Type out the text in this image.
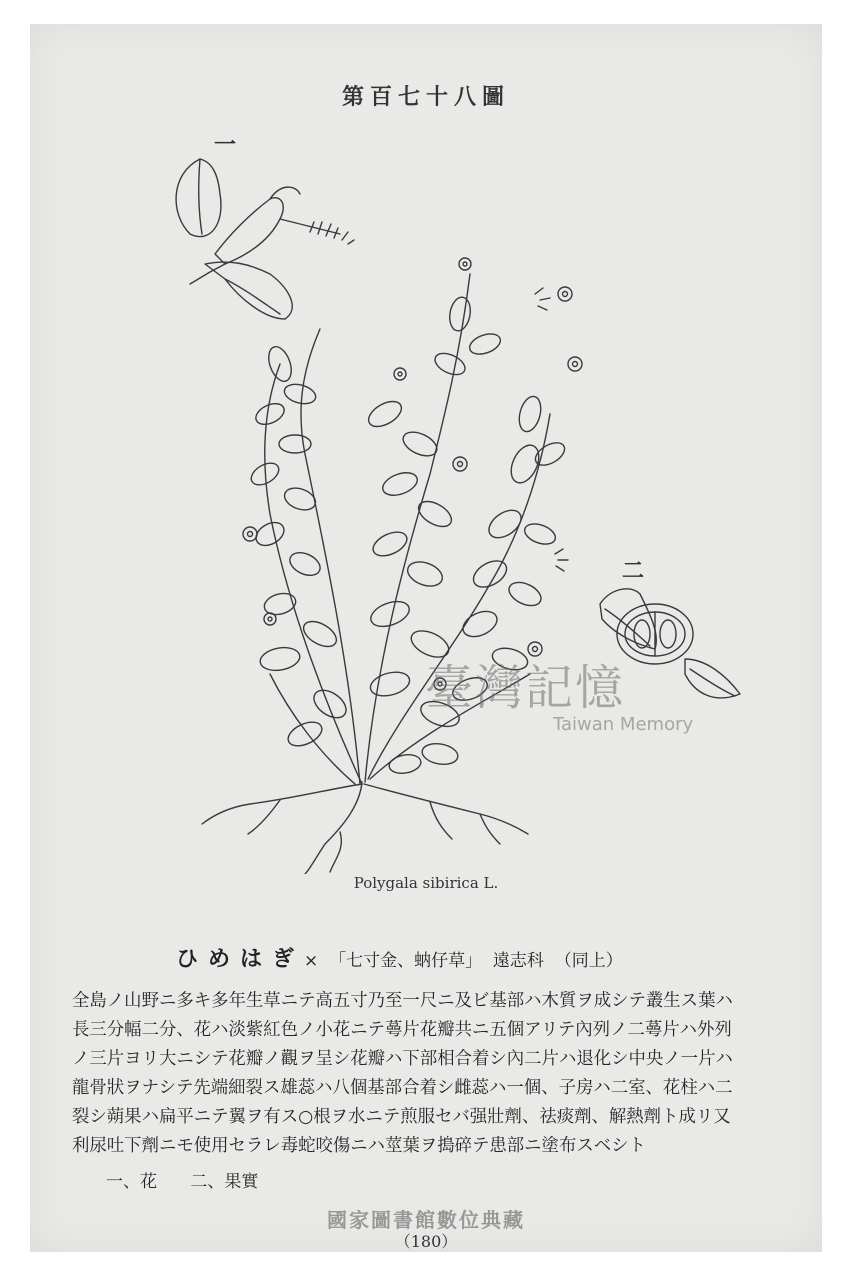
第百七十八圖
一
二
臺灣記憶
Taiwan Memory
Polygala sibirica L.
ひめはぎ× 「七寸金、蚋仔草」 遠志科 （同上）
全島ノ山野ニ多キ多年生草ニテ高五寸乃至一尺ニ及ビ基部ハ木質ヲ成シテ叢生ス葉ハ
長三分幅二分、花ハ淡紫紅色ノ小花ニテ蕚片花瓣共ニ五個アリテ內列ノ二蕚片ハ外列
ノ三片ヨリ大ニシテ花瓣ノ觀ヲ呈シ花瓣ハ下部相合着シ內二片ハ退化シ中央ノ一片ハ
龍骨狀ヲナシテ先端細裂ス雄蕊ハ八個基部合着シ雌蕊ハ一個、子房ハ二室、花柱ハ二
裂シ蒴果ハ扁平ニテ翼ヲ有ス○根ヲ水ニテ煎服セバ强壯劑、祛痰劑、解熱劑ト成リ又
利尿吐下劑ニモ使用セラレ毒蛇咬傷ニハ莖葉ヲ搗碎テ患部ニ塗布スベシト
一、花 二、果實
國家圖書館數位典藏
（180）
